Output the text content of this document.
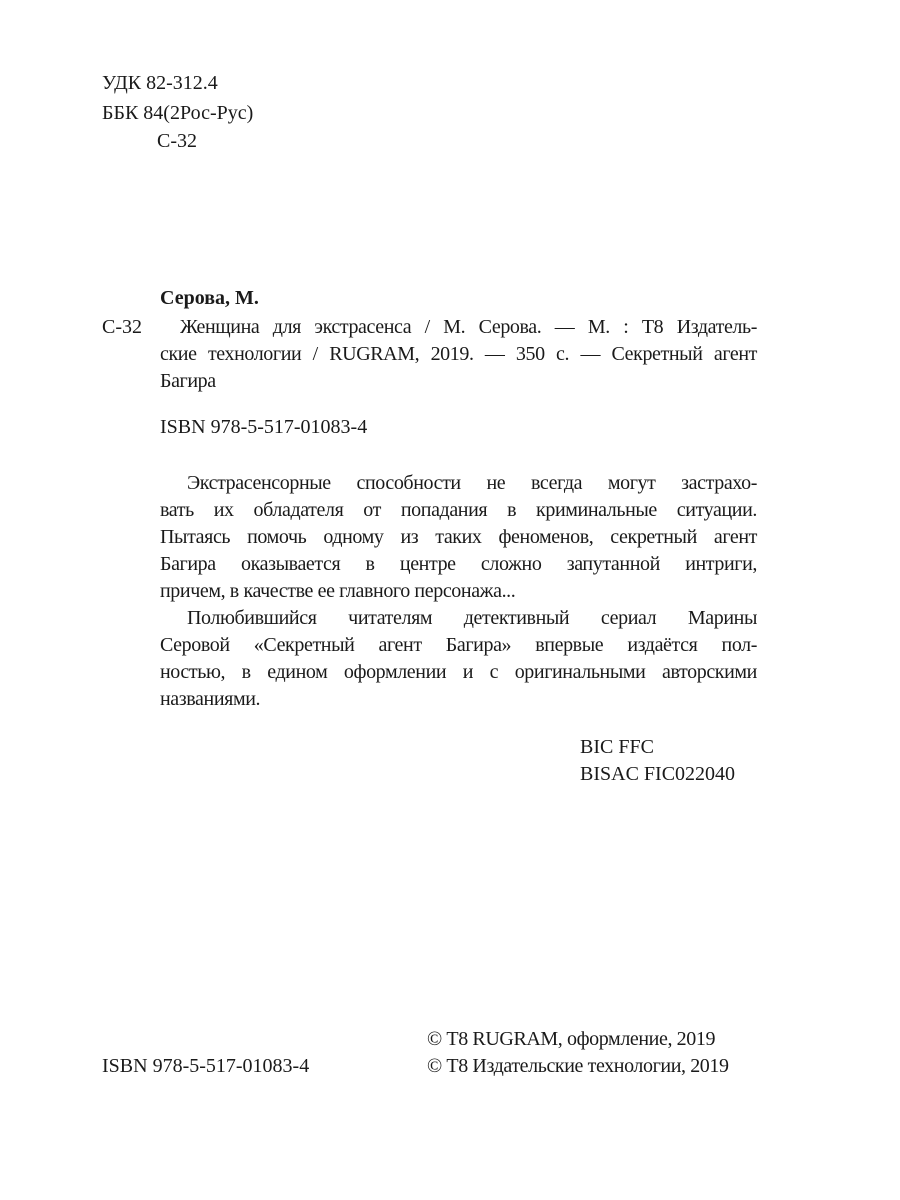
УДК 82-312.4
ББК 84(2Рос-Рус)
С-32
Серова, М.
С-32	Женщина для экстрасенса / М. Серова. — М. : Т8 Издатель-
ские технологии / RUGRAM, 2019. — 350 с. — Секретный агент
Багира
ISBN 978-5-517-01083-4
Экстрасенсорные способности не всегда могут застрахо-
вать их обладателя от попадания в криминальные ситуации.
Пытаясь помочь одному из таких феноменов, секретный агент
Багира оказывается в центре сложно запутанной интриги,
причем, в качестве ее главного персонажа...
Полюбившийся читателям детективный сериал Марины
Серовой «Секретный агент Багира» впервые издаётся пол-
ностью, в едином оформлении и с оригинальными авторскими
названиями.
BIC FFC
BISAC FIC022040
ISBN 978-5-517-01083-4
© Т8 RUGRAM, оформление, 2019
© Т8 Издательские технологии, 2019
